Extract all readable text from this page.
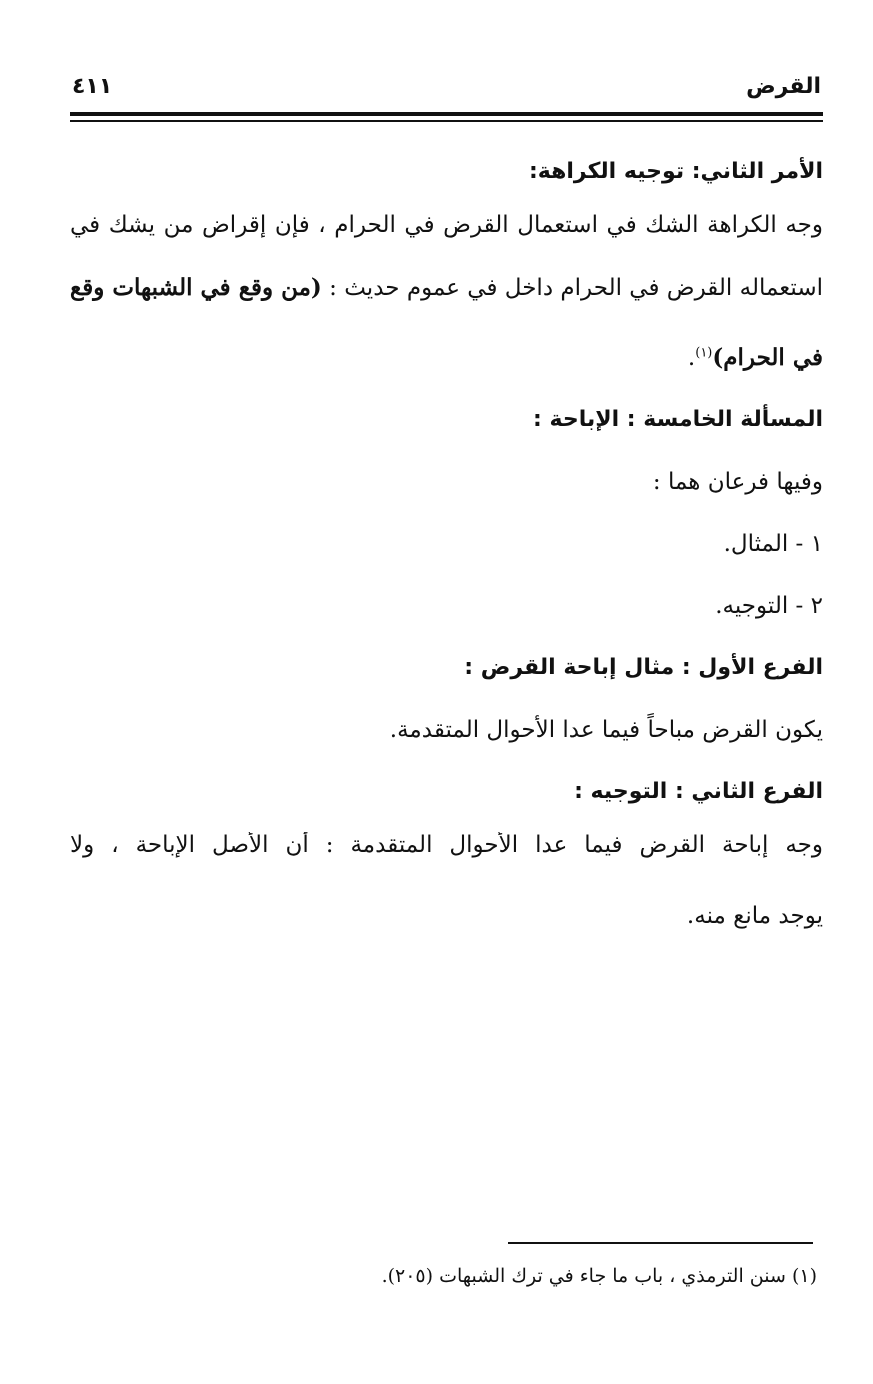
القرض
٤١١
الأمر الثاني: توجيه الكراهة:
وجه الكراهة الشك في استعمال القرض في الحرام ، فإن إقراض من يشك في
استعماله القرض في الحرام داخل في عموم حديث : (من وقع في الشبهات وقع
في الحرام)$^{(١)}$.
المسألة الخامسة : الإباحة :
وفيها فرعان هما :
١ - المثال.
٢ - التوجيه.
الفرع الأول : مثال إباحة القرض :
يكون القرض مباحاً فيما عدا الأحوال المتقدمة.
الفرع الثاني : التوجيه :
وجه إباحة القرض فيما عدا الأحوال المتقدمة : أن الأصل الإباحة ، ولا
يوجد مانع منه.
(١) سنن الترمذي ، باب ما جاء في ترك الشبهات (٢٠٥).
